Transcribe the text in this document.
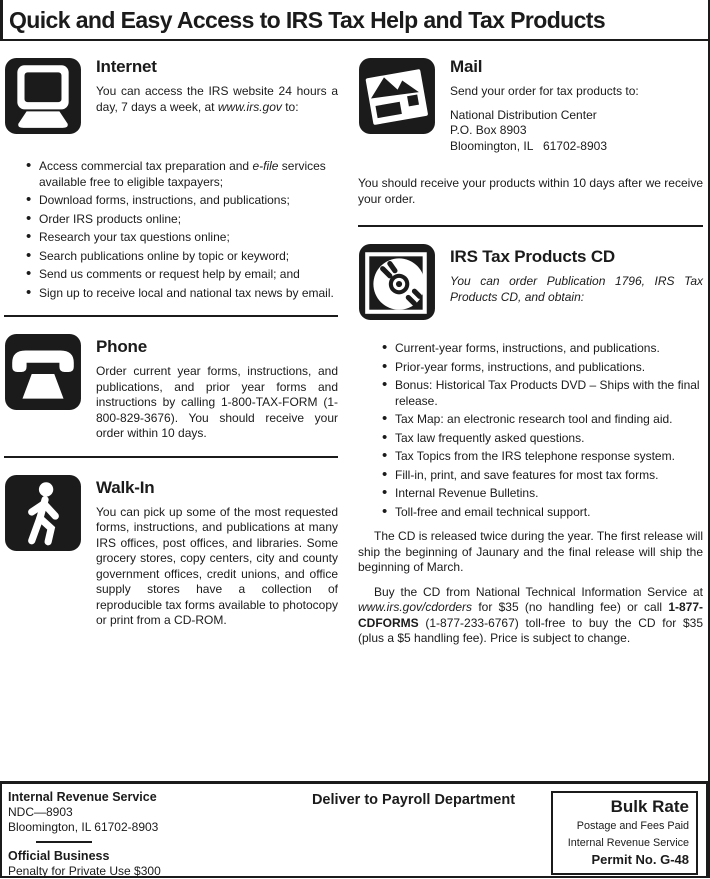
Quick and Easy Access to IRS Tax Help and Tax Products
Internet

You can access the IRS website 24 hours a day, 7 days a week, at www.irs.gov to:

• Access commercial tax preparation and e-file services available free to eligible taxpayers;
• Download forms, instructions, and publications;
• Order IRS products online;
• Research your tax questions online;
• Search publications online by topic or keyword;
• Send us comments or request help by email; and
• Sign up to receive local and national tax news by email.
Phone

Order current year forms, instructions, and publications, and prior year forms and instructions by calling 1-800-TAX-FORM (1-800-829-3676). You should receive your order within 10 days.

Walk-In

You can pick up some of the most requested forms, instructions, and publications at many IRS offices, post offices, and libraries. Some grocery stores, copy centers, city and county government offices, credit unions, and office supply stores have a collection of reproducible tax forms available to photocopy or print from a CD-ROM.

Mail

Send your order for tax products to:

National Distribution Center
P.O. Box 8903
Bloomington, IL   61702-8903

You should receive your products within 10 days after we receive your order.

IRS Tax Products CD

You can order Publication 1796, IRS Tax Products CD, and obtain:

• Current-year forms, instructions, and publications.
• Prior-year forms, instructions, and publications.
• Bonus: Historical Tax Products DVD – Ships with the final release.
• Tax Map: an electronic research tool and finding aid.
• Tax law frequently asked questions.
• Tax Topics from the IRS telephone response system.
• Fill-in, print, and save features for most tax forms.
• Internal Revenue Bulletins.
• Toll-free and email technical support.

The CD is released twice during the year. The first release will ship the beginning of Jaunary and the final release will ship the beginning of March.

Buy the CD from National Technical Information Service at www.irs.gov/cdorders for $35 (no handling fee) or call 1-877-CDFORMS (1-877-233-6767) toll-free to buy the CD for $35 (plus a $5 handling fee). Price is subject to change.

Internal Revenue Service
NDC—8903
Bloomington, IL 61702-8903
Official Business
Penalty for Private Use $300
Deliver to Payroll Department	Bulk Rate
Postage and Fees Paid
Internal Revenue Service
Permit No. G-48
